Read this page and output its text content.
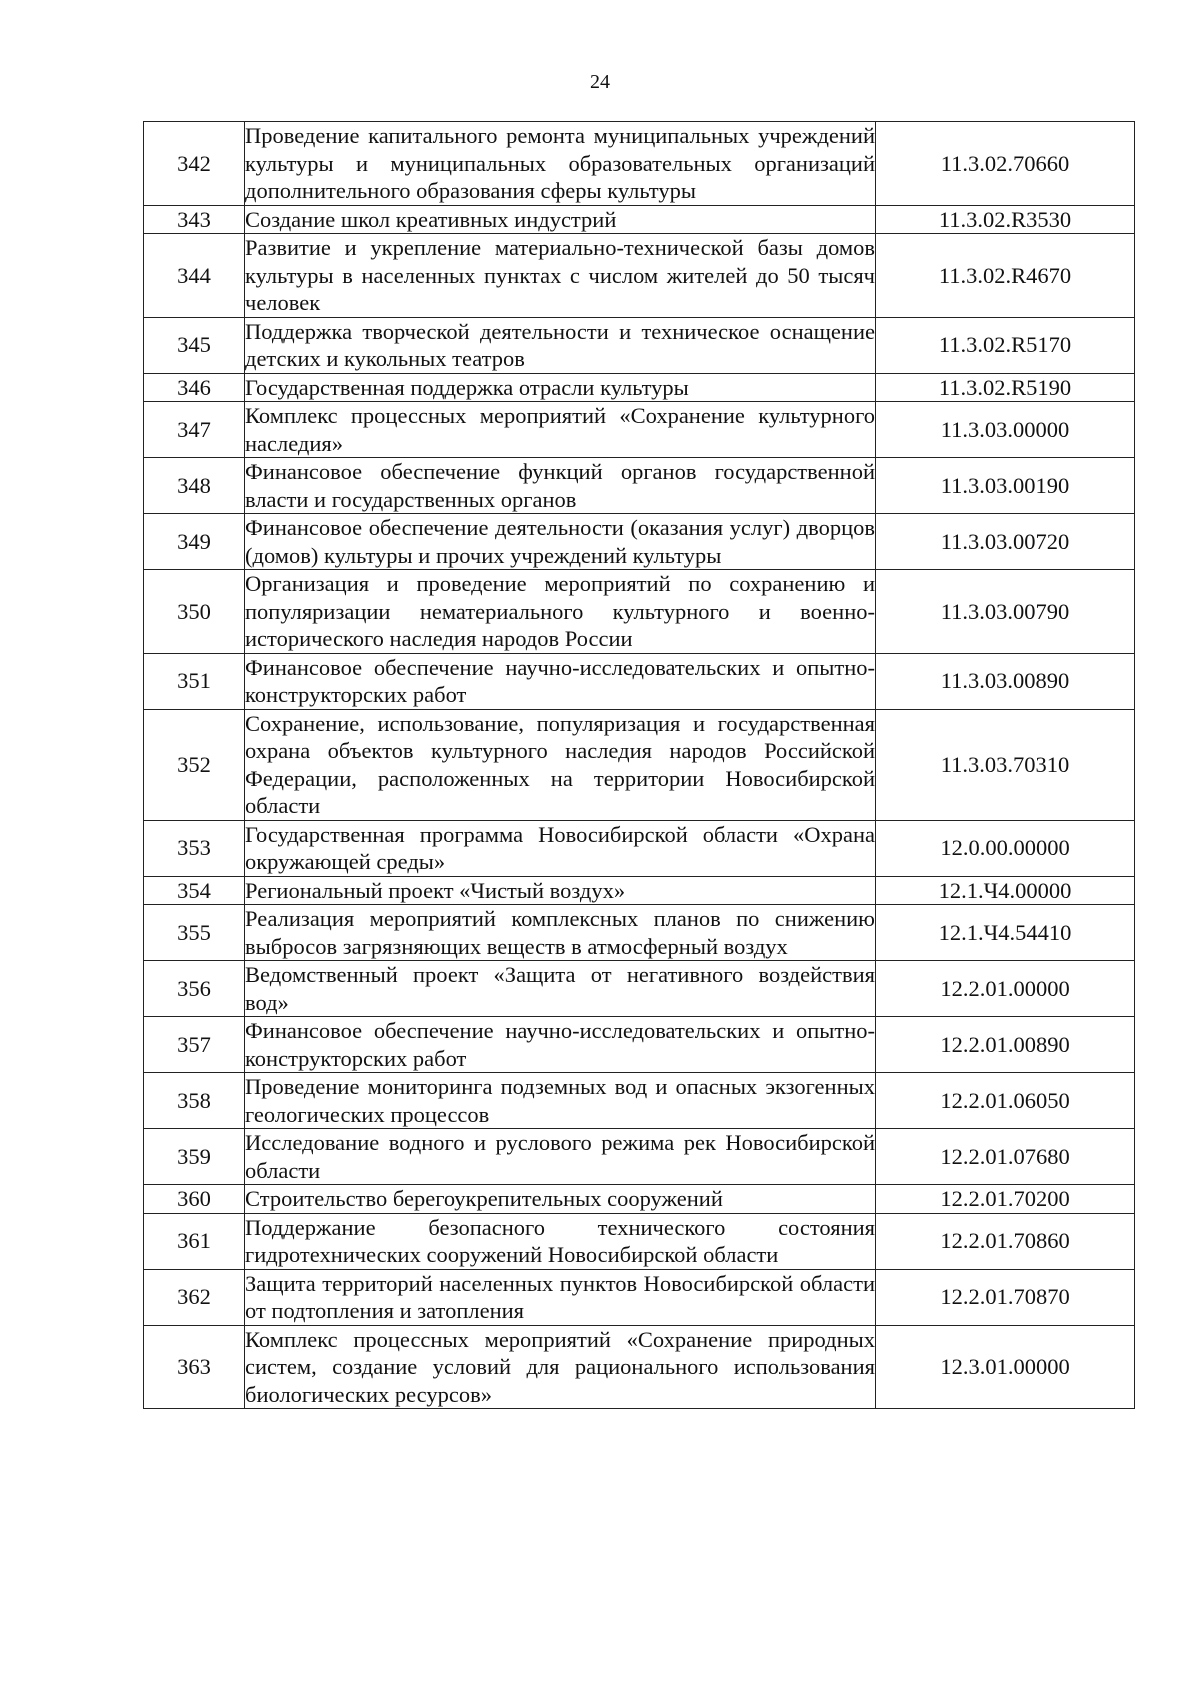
24
342	Проведение капитального ремонта муниципальных учреждений культуры и муниципальных образовательных организаций дополнительного образования сферы культуры	11.3.02.70660
343	Создание школ креативных индустрий	11.3.02.R3530
344	Развитие и укрепление материально-технической базы домов культуры в населенных пунктах с числом жителей до 50 тысяч человек	11.3.02.R4670
345	Поддержка творческой деятельности и техническое оснащение детских и кукольных театров	11.3.02.R5170
346	Государственная поддержка отрасли культуры	11.3.02.R5190
347	Комплекс процессных мероприятий «Сохранение культурного наследия»	11.3.03.00000
348	Финансовое обеспечение функций органов государственной власти и государственных органов	11.3.03.00190
349	Финансовое обеспечение деятельности (оказания услуг) дворцов (домов) культуры и прочих учреждений культуры	11.3.03.00720
350	Организация и проведение мероприятий по сохранению и популяризации нематериального культурного и военно-исторического наследия народов России	11.3.03.00790
351	Финансовое обеспечение научно-исследовательских и опытно-конструкторских работ	11.3.03.00890
352	Сохранение, использование, популяризация и государственная охрана объектов культурного наследия народов Российской Федерации, расположенных на территории Новосибирской области	11.3.03.70310
353	Государственная программа Новосибирской области «Охрана окружающей среды»	12.0.00.00000
354	Региональный проект «Чистый воздух»	12.1.Ч4.00000
355	Реализация мероприятий комплексных планов по снижению выбросов загрязняющих веществ в атмосферный воздух	12.1.Ч4.54410
356	Ведомственный проект «Защита от негативного воздействия вод»	12.2.01.00000
357	Финансовое обеспечение научно-исследовательских и опытно-конструкторских работ	12.2.01.00890
358	Проведение мониторинга подземных вод и опасных экзогенных геологических процессов	12.2.01.06050
359	Исследование водного и руслового режима рек Новосибирской области	12.2.01.07680
360	Строительство берегоукрепительных сооружений	12.2.01.70200
361	Поддержание безопасного технического состояния гидротехнических сооружений Новосибирской области	12.2.01.70860
362	Защита территорий населенных пунктов Новосибирской области от подтопления и затопления	12.2.01.70870
363	Комплекс процессных мероприятий «Сохранение природных систем, создание условий для рационального использования биологических ресурсов»	12.3.01.00000
